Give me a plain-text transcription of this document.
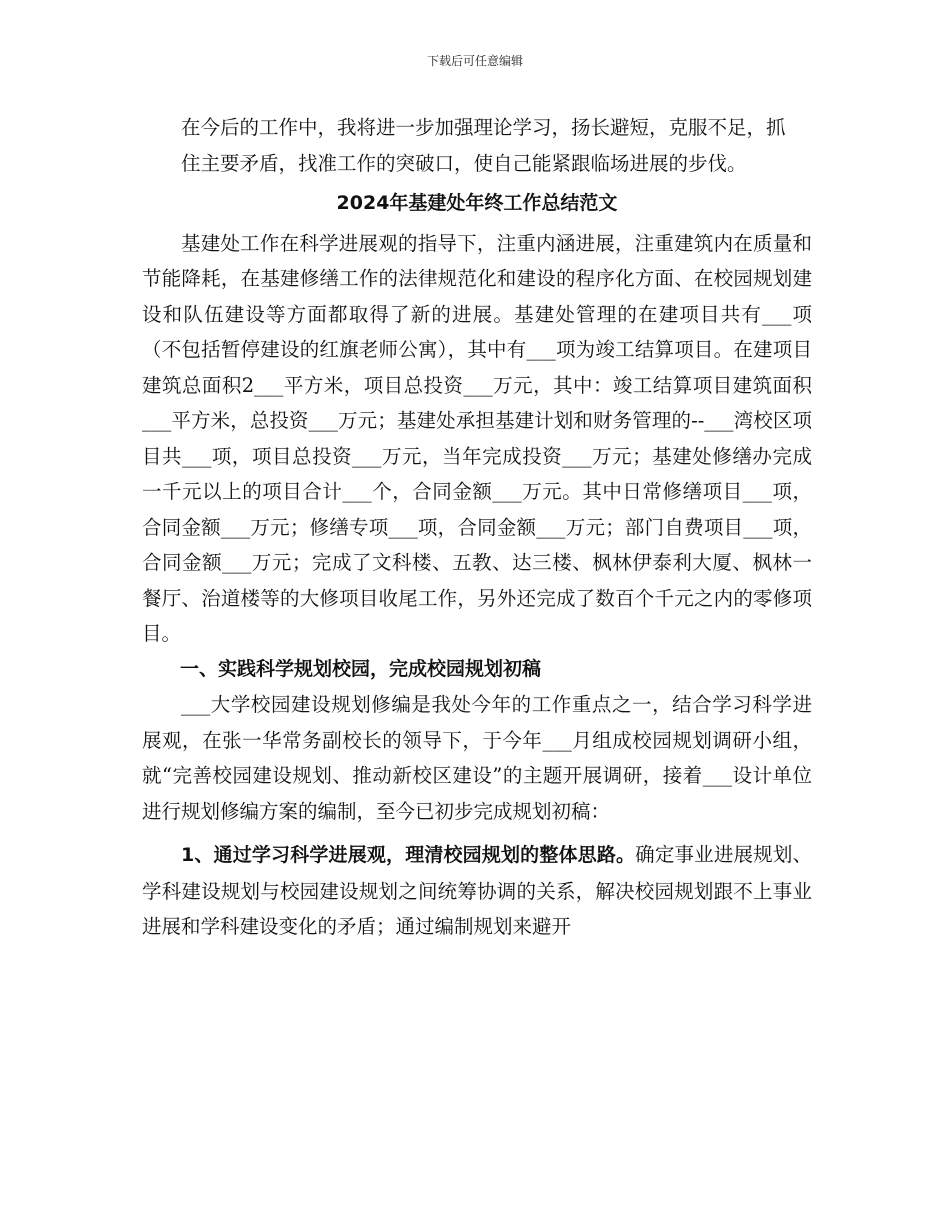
下载后可任意编辑

在今后的工作中，我将进一步加强理论学习，扬长避短，克服不足，抓

住主要矛盾，找准工作的突破口，使自己能紧跟临场进展的步伐。

2024年基建处年终工作总结范文

基建处工作在科学进展观的指导下，注重内涵进展，注重建筑内在质量和节能降耗，在基建修缮工作的法律规范化和建设的程序化方面、在校园规划建设和队伍建设等方面都取得了新的进展。基建处管理的在建项目共有___项（不包括暂停建设的红旗老师公寓），其中有___项为竣工结算项目。在建项目建筑总面积2___平方米，项目总投资___万元，其中：竣工结算项目建筑面积___平方米，总投资___万元；基建处承担基建计划和财务管理的--___湾校区项目共___项，项目总投资___万元，当年完成投资___万元；基建处修缮办完成一千元以上的项目合计___个，合同金额___万元。其中日常修缮项目___项，合同金额___万元；修缮专项___项，合同金额___万元；部门自费项目___项，合同金额___万元；完成了文科楼、五教、达三楼、枫林伊泰利大厦、枫林一餐厅、治道楼等的大修项目收尾工作，另外还完成了数百个千元之内的零修项目。

一、实践科学规划校园，完成校园规划初稿

___大学校园建设规划修编是我处今年的工作重点之一，结合学习科学进展观，在张一华常务副校长的领导下，于今年___月组成校园规划调研小组，就“完善校园建设规划、推动新校区建设”的主题开展调研，接着___设计单位进行规划修编方案的编制，至今已初步完成规划初稿：

1、通过学习科学进展观，理清校园规划的整体思路。确定事业进展规划、学科建设规划与校园建设规划之间统筹协调的关系，解决校园规划跟不上事业进展和学科建设变化的矛盾；通过编制规划来避开
